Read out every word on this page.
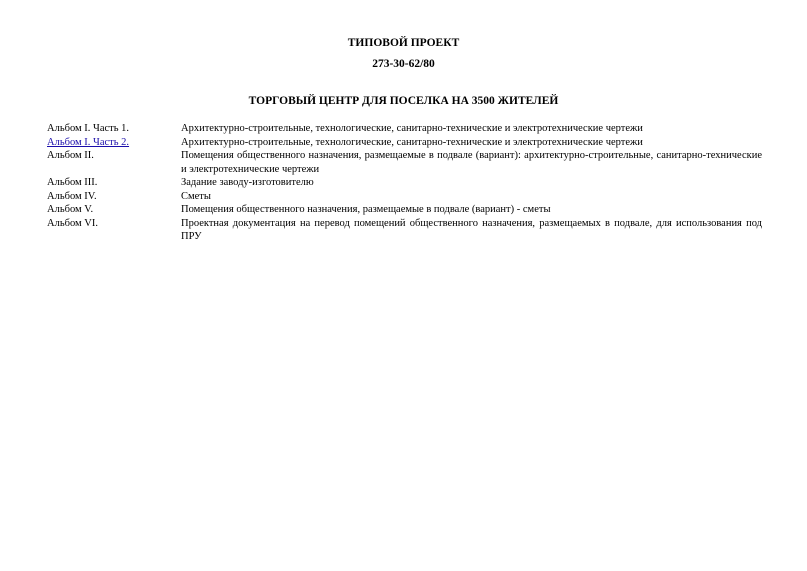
ТИПОВОЙ ПРОЕКТ
273-30-62/80
ТОРГОВЫЙ ЦЕНТР ДЛЯ ПОСЕЛКА НА 3500 ЖИТЕЛЕЙ
Альбом I. Часть 1.	Архитектурно-строительные, технологические, санитарно-технические и электротехнические чертежи
Альбом I. Часть 2.	Архитектурно-строительные, технологические, санитарно-технические и электротехнические чертежи
Альбом II.	Помещения общественного назначения, размещаемые в подвале (вариант): архитектурно-строительные, санитарно-технические и электротехнические чертежи
Альбом III.	Задание заводу-изготовителю
Альбом IV.	Сметы
Альбом V.	Помещения общественного назначения, размещаемые в подвале (вариант) - сметы
Альбом VI.	Проектная документация на перевод помещений общественного назначения, размещаемых в подвале, для использования под ПРУ
